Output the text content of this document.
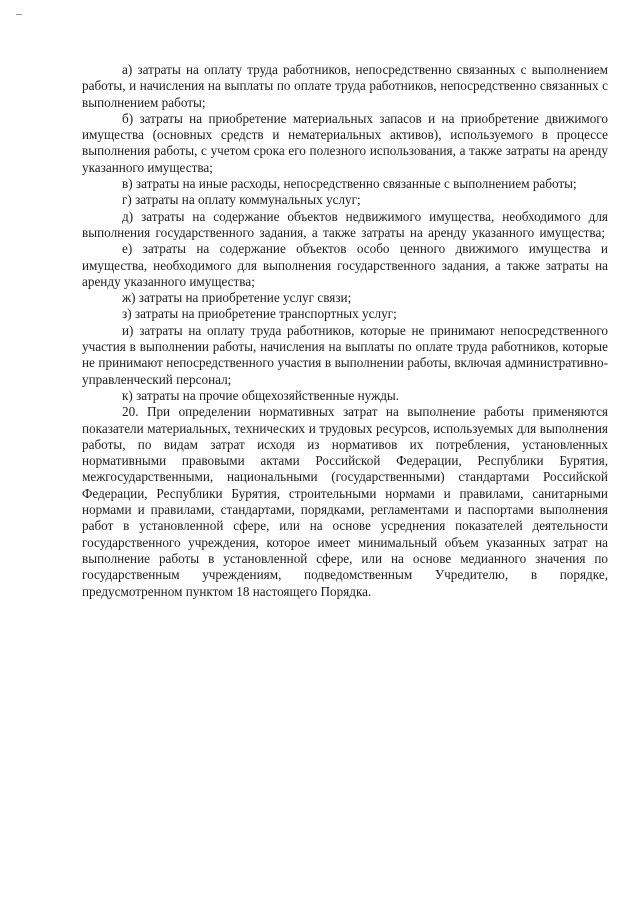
а) затраты на оплату труда работников, непосредственно связанных с выполнением работы, и начисления на выплаты по оплате труда работников, непосредственно связанных с выполнением работы;

б) затраты на приобретение материальных запасов и на приобретение движимого имущества (основных средств и нематериальных активов), используемого в процессе выполнения работы, с учетом срока его полезного использования, а также затраты на аренду указанного имущества;

в) затраты на иные расходы, непосредственно связанные с выполнением работы;

г) затраты на оплату коммунальных услуг;

д) затраты на содержание объектов недвижимого имущества, необходимого для выполнения государственного задания, а также затраты на аренду указанного имущества;

е) затраты на содержание объектов особо ценного движимого имущества и имущества, необходимого для выполнения государственного задания, а также затраты на аренду указанного имущества;

ж) затраты на приобретение услуг связи;

з) затраты на приобретение транспортных услуг;

и) затраты на оплату труда работников, которые не принимают непосредственного участия в выполнении работы, начисления на выплаты по оплате труда работников, которые не принимают непосредственного участия в выполнении работы, включая административно-управленческий персонал;

к) затраты на прочие общехозяйственные нужды.

20. При определении нормативных затрат на выполнение работы применяются показатели материальных, технических и трудовых ресурсов, используемых для выполнения работы, по видам затрат исходя из нормативов их потребления, установленных нормативными правовыми актами Российской Федерации, Республики Бурятия, межгосударственными, национальными (государственными) стандартами Российской Федерации, Республики Бурятия, строительными нормами и правилами, санитарными нормами и правилами, стандартами, порядками, регламентами и паспортами выполнения работ в установленной сфере, или на основе усреднения показателей деятельности государственного учреждения, которое имеет минимальный объем указанных затрат на выполнение работы в установленной сфере, или на основе медианного значения по государственным учреждениям, подведомственным Учредителю, в порядке, предусмотренном пунктом 18 настоящего Порядка.
